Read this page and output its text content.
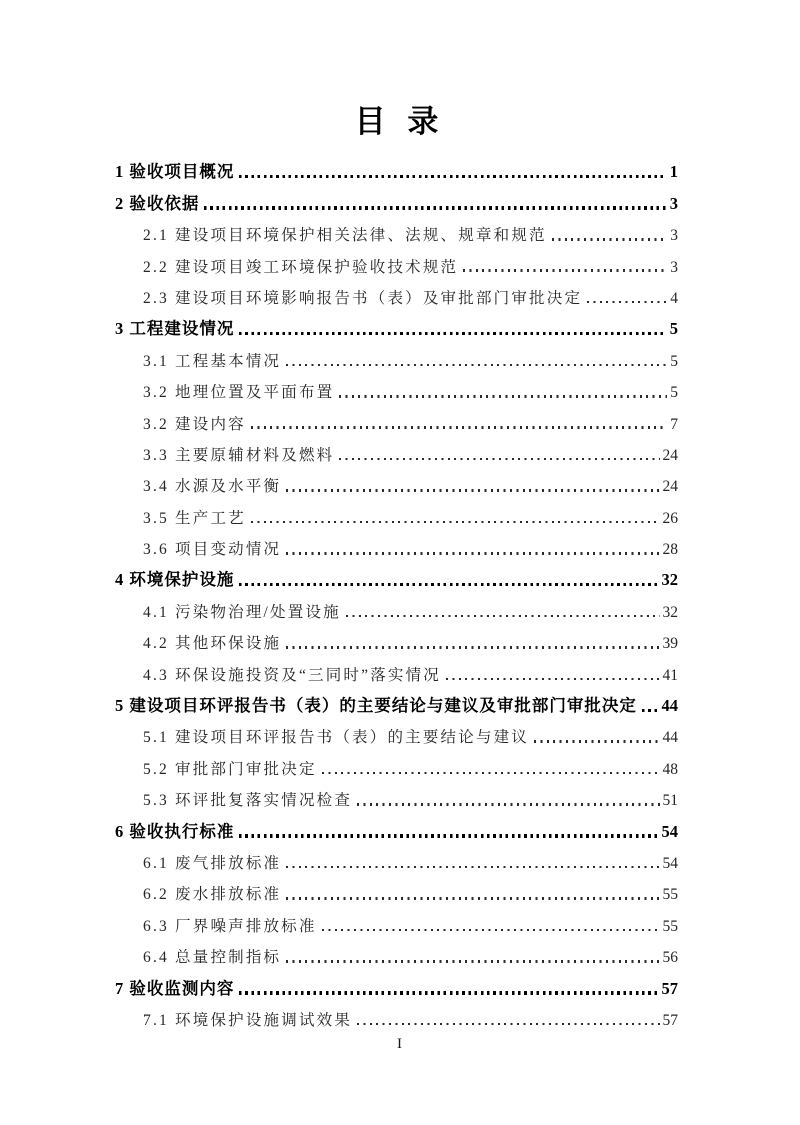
目 录
1 验收项目概况	1
2 验收依据	3
2.1 建设项目环境保护相关法律、法规、规章和规范	3
2.2 建设项目竣工环境保护验收技术规范	3
2.3 建设项目环境影响报告书（表）及审批部门审批决定	4
3 工程建设情况	5
3.1 工程基本情况	5
3.2 地理位置及平面布置	5
3.2 建设内容	7
3.3 主要原辅材料及燃料	24
3.4 水源及水平衡	24
3.5 生产工艺	26
3.6 项目变动情况	28
4 环境保护设施	32
4.1 污染物治理/处置设施	32
4.2 其他环保设施	39
4.3 环保设施投资及“三同时”落实情况	41
5 建设项目环评报告书（表）的主要结论与建议及审批部门审批决定 44
5.1 建设项目环评报告书（表）的主要结论与建议	44
5.2 审批部门审批决定	48
5.3 环评批复落实情况检查	51
6 验收执行标准	54
6.1 废气排放标准	54
6.2 废水排放标准	55
6.3 厂界噪声排放标准	55
6.4 总量控制指标	56
7 验收监测内容	57
7.1 环境保护设施调试效果	57
I
